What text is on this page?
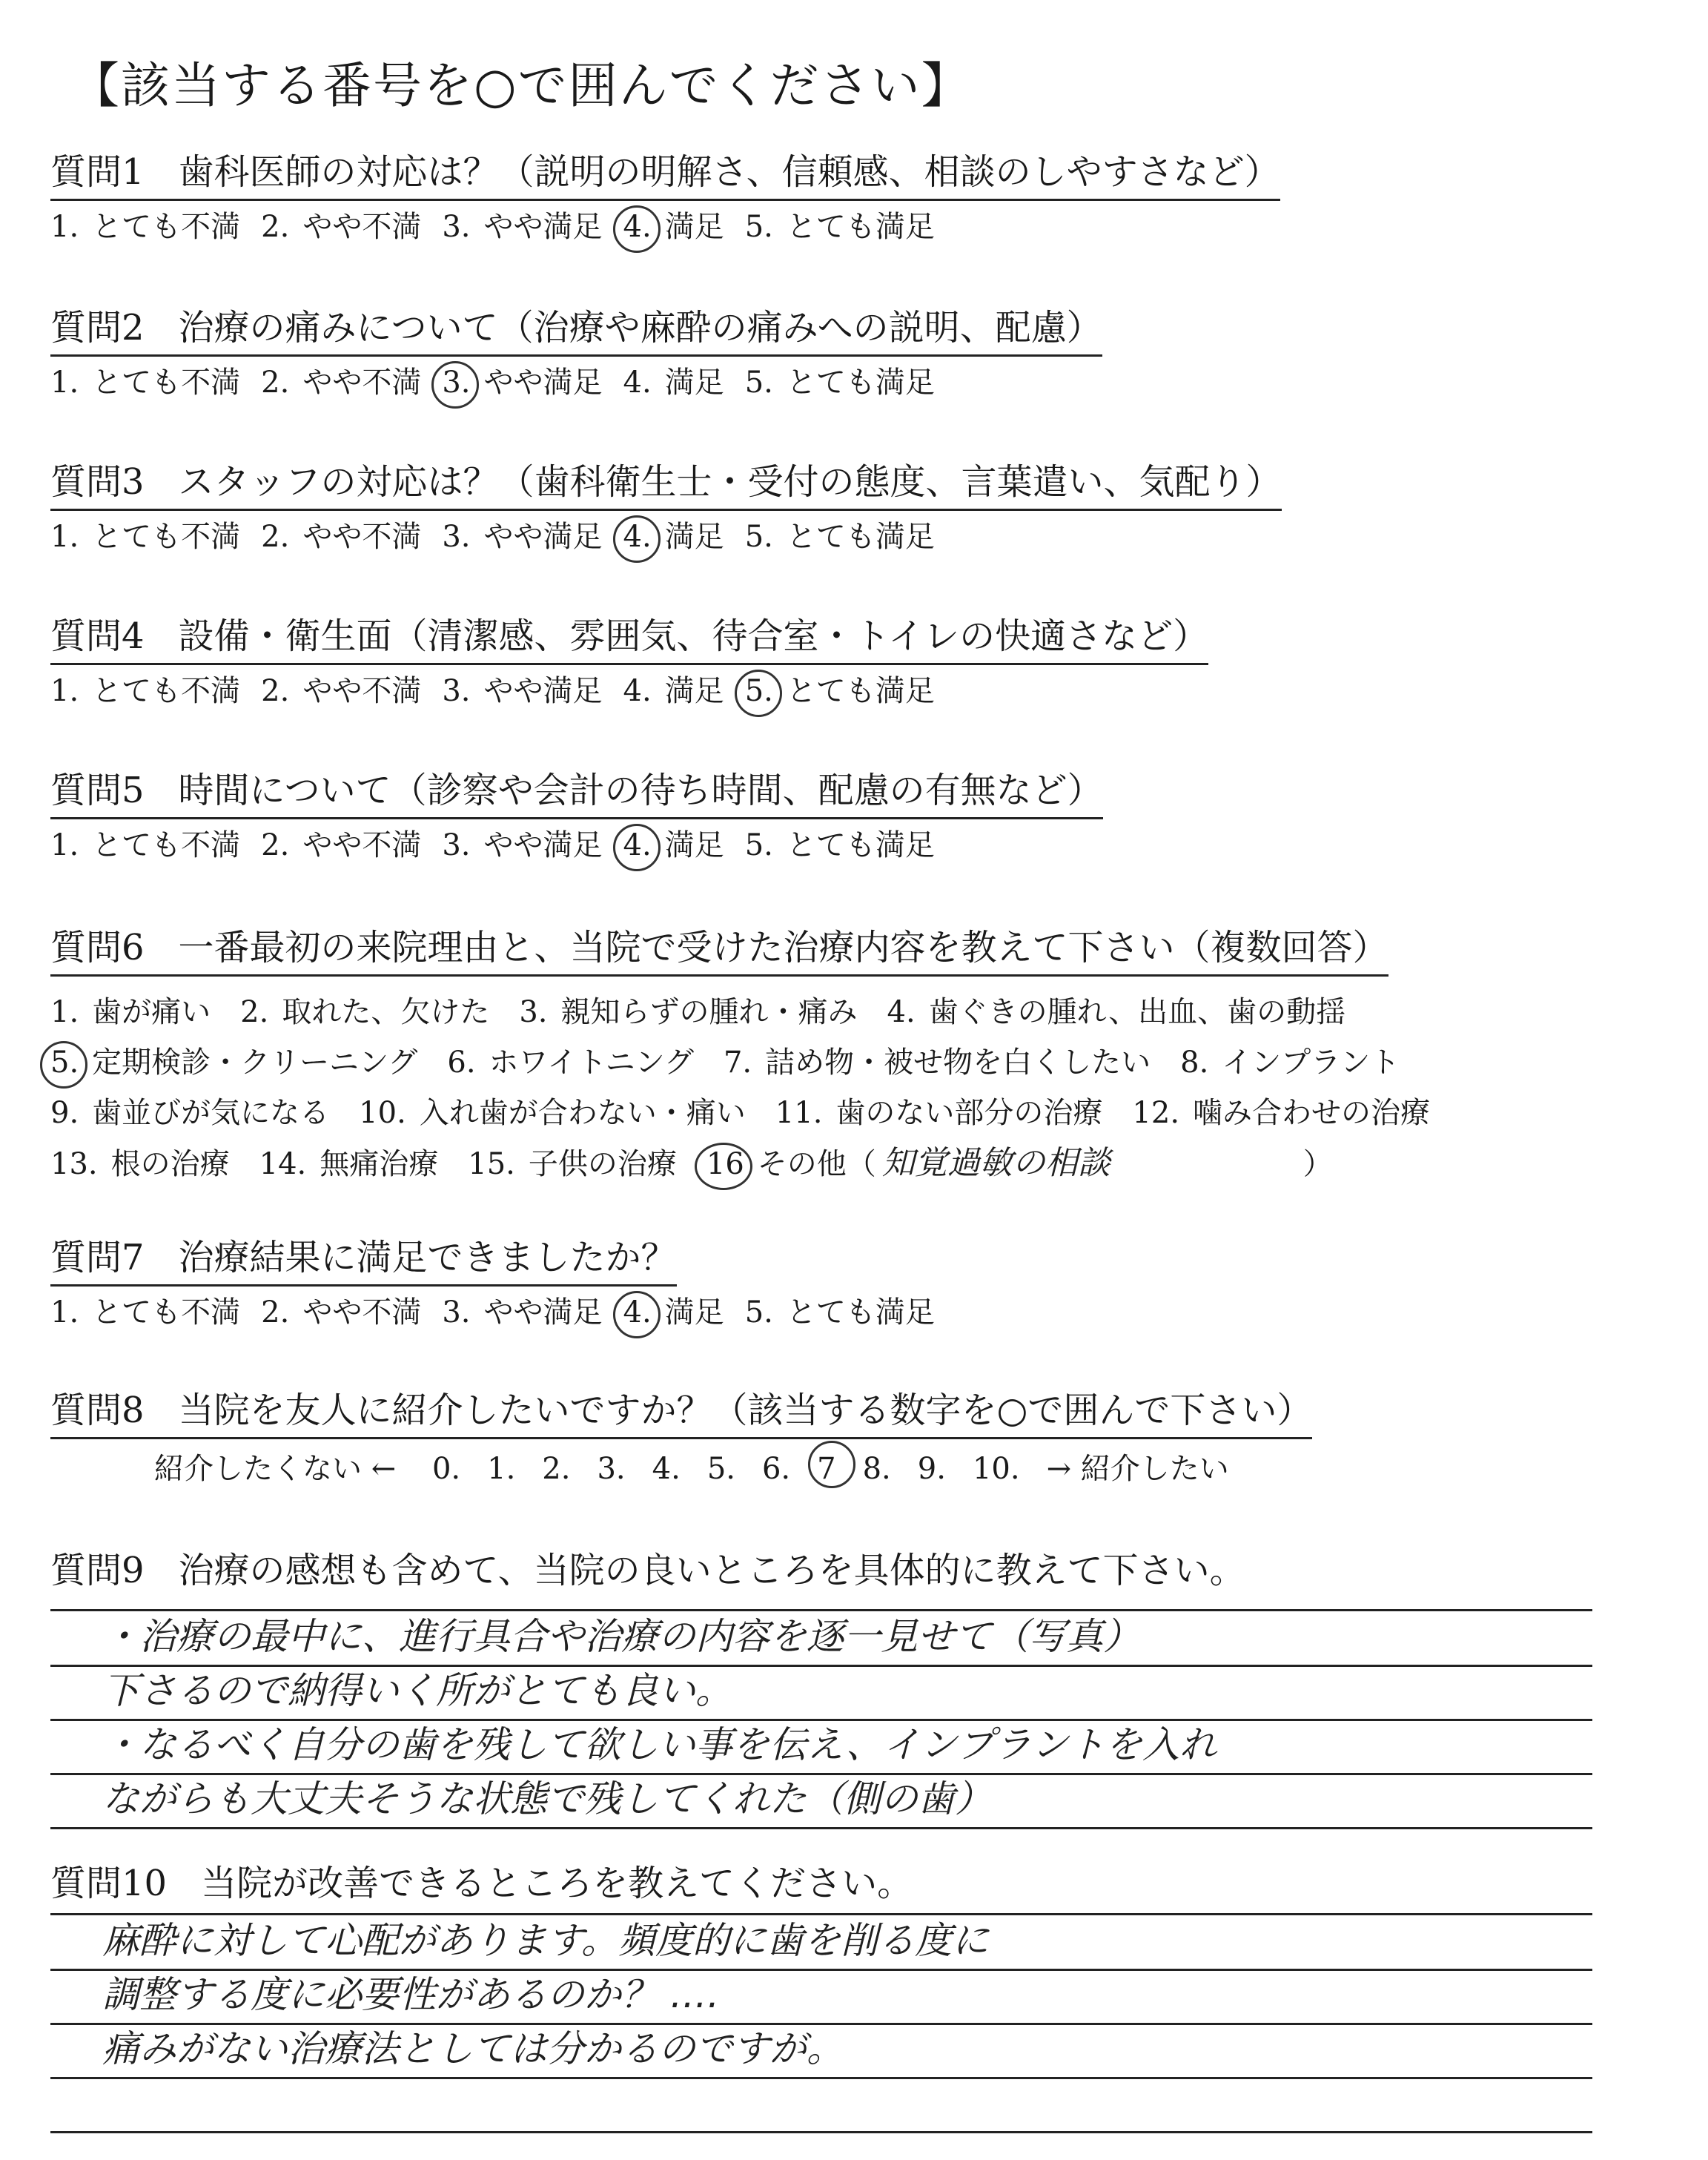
【該当する番号を○で囲んでください】
質問1 歯科医師の対応は？（説明の明解さ、信頼感、相談のしやすさなど）
1. とても不満 2. やや不満 3. やや満足 4. 満足 5. とても満足
質問2 治療の痛みについて（治療や麻酔の痛みへの説明、配慮）
1. とても不満 2. やや不満 3. やや満足 4. 満足 5. とても満足
質問3 スタッフの対応は？（歯科衛生士・受付の態度、言葉遣い、気配り）
1. とても不満 2. やや不満 3. やや満足 4. 満足 5. とても満足
質問4 設備・衛生面（清潔感、雰囲気、待合室・トイレの快適さなど）
1. とても不満 2. やや不満 3. やや満足 4. 満足 5. とても満足
質問5 時間について（診察や会計の待ち時間、配慮の有無など）
1. とても不満 2. やや不満 3. やや満足 4. 満足 5. とても満足
質問6 一番最初の来院理由と、当院で受けた治療内容を教えて下さい（複数回答）
1. 歯が痛い 2. 取れた、欠けた 3. 親知らずの腫れ・痛み 4. 歯ぐきの腫れ、出血、歯の動揺
5. 定期検診・クリーニング 6. ホワイトニング 7. 詰め物・被せ物を白くしたい 8. インプラント
9. 歯並びが気になる 10. 入れ歯が合わない・痛い 11. 歯のない部分の治療 12. 噛み合わせの治療
13. 根の治療 14. 無痛治療 15. 子供の治療 16 その他（ 知覚過敏の相談	）
質問7 治療結果に満足できましたか？
1. とても不満 2. やや不満 3. やや満足 4. 満足 5. とても満足
質問8 当院を友人に紹介したいですか？（該当する数字を○で囲んで下さい）
紹介したくない ← 0. 1. 2. 3. 4. 5. 6. 7 8. 9. 10. → 紹介したい
質問9 治療の感想も含めて、当院の良いところを具体的に教えて下さい。
・治療の最中に、進行具合や治療の内容を逐一見せて（写真）
下さるので納得いく所がとても良い。
・なるべく自分の歯を残して欲しい事を伝え、インプラントを入れ
ながらも大丈夫そうな状態で残してくれた（側の歯）
質問10 当院が改善できるところを教えてください。
麻酔に対して心配があります。頻度的に歯を削る度に
調整する度に必要性があるのか？ ‥‥
痛みがない治療法としては分かるのですが。
